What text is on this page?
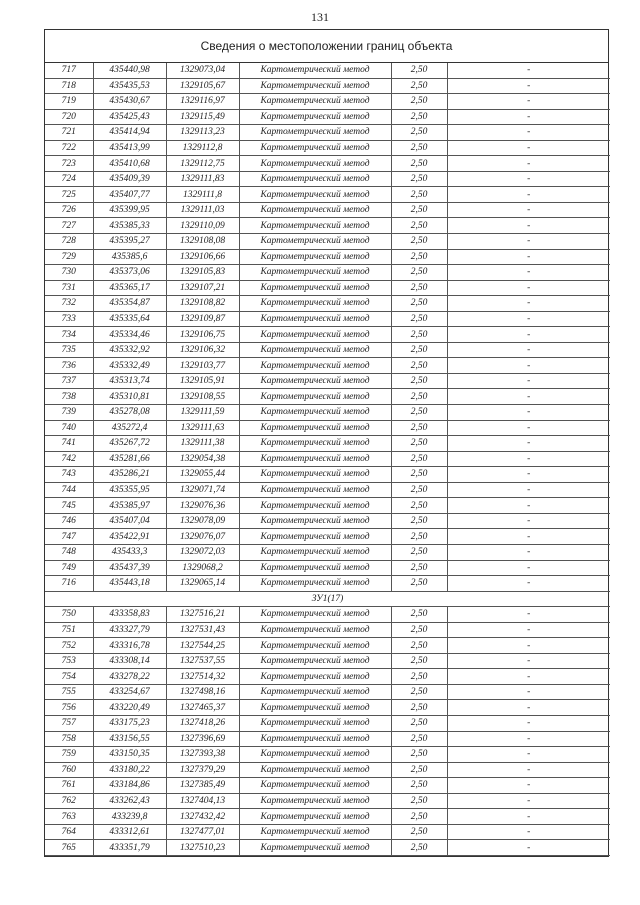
131
Сведения о местоположении границ объекта
717	435440,98	1329073,04	Картометрический метод	2,50	-
718	435435,53	1329105,67	Картометрический метод	2,50	-
719	435430,67	1329116,97	Картометрический метод	2,50	-
720	435425,43	1329115,49	Картометрический метод	2,50	-
721	435414,94	1329113,23	Картометрический метод	2,50	-
722	435413,99	1329112,8	Картометрический метод	2,50	-
723	435410,68	1329112,75	Картометрический метод	2,50	-
724	435409,39	1329111,83	Картометрический метод	2,50	-
725	435407,77	1329111,8	Картометрический метод	2,50	-
726	435399,95	1329111,03	Картометрический метод	2,50	-
727	435385,33	1329110,09	Картометрический метод	2,50	-
728	435395,27	1329108,08	Картометрический метод	2,50	-
729	435385,6	1329106,66	Картометрический метод	2,50	-
730	435373,06	1329105,83	Картометрический метод	2,50	-
731	435365,17	1329107,21	Картометрический метод	2,50	-
732	435354,87	1329108,82	Картометрический метод	2,50	-
733	435335,64	1329109,87	Картометрический метод	2,50	-
734	435334,46	1329106,75	Картометрический метод	2,50	-
735	435332,92	1329106,32	Картометрический метод	2,50	-
736	435332,49	1329103,77	Картометрический метод	2,50	-
737	435313,74	1329105,91	Картометрический метод	2,50	-
738	435310,81	1329108,55	Картометрический метод	2,50	-
739	435278,08	1329111,59	Картометрический метод	2,50	-
740	435272,4	1329111,63	Картометрический метод	2,50	-
741	435267,72	1329111,38	Картометрический метод	2,50	-
742	435281,66	1329054,38	Картометрический метод	2,50	-
743	435286,21	1329055,44	Картометрический метод	2,50	-
744	435355,95	1329071,74	Картометрический метод	2,50	-
745	435385,97	1329076,36	Картометрический метод	2,50	-
746	435407,04	1329078,09	Картометрический метод	2,50	-
747	435422,91	1329076,07	Картометрический метод	2,50	-
748	435433,3	1329072,03	Картометрический метод	2,50	-
749	435437,39	1329068,2	Картометрический метод	2,50	-
716	435443,18	1329065,14	Картометрический метод	2,50	-
ЗУ1(17)					
750	433358,83	1327516,21	Картометрический метод	2,50	-
751	433327,79	1327531,43	Картометрический метод	2,50	-
752	433316,78	1327544,25	Картометрический метод	2,50	-
753	433308,14	1327537,55	Картометрический метод	2,50	-
754	433278,22	1327514,32	Картометрический метод	2,50	-
755	433254,67	1327498,16	Картометрический метод	2,50	-
756	433220,49	1327465,37	Картометрический метод	2,50	-
757	433175,23	1327418,26	Картометрический метод	2,50	-
758	433156,55	1327396,69	Картометрический метод	2,50	-
759	433150,35	1327393,38	Картометрический метод	2,50	-
760	433180,22	1327379,29	Картометрический метод	2,50	-
761	433184,86	1327385,49	Картометрический метод	2,50	-
762	433262,43	1327404,13	Картометрический метод	2,50	-
763	433239,8	1327432,42	Картометрический метод	2,50	-
764	433312,61	1327477,01	Картометрический метод	2,50	-
765	433351,79	1327510,23	Картометрический метод	2,50	-
